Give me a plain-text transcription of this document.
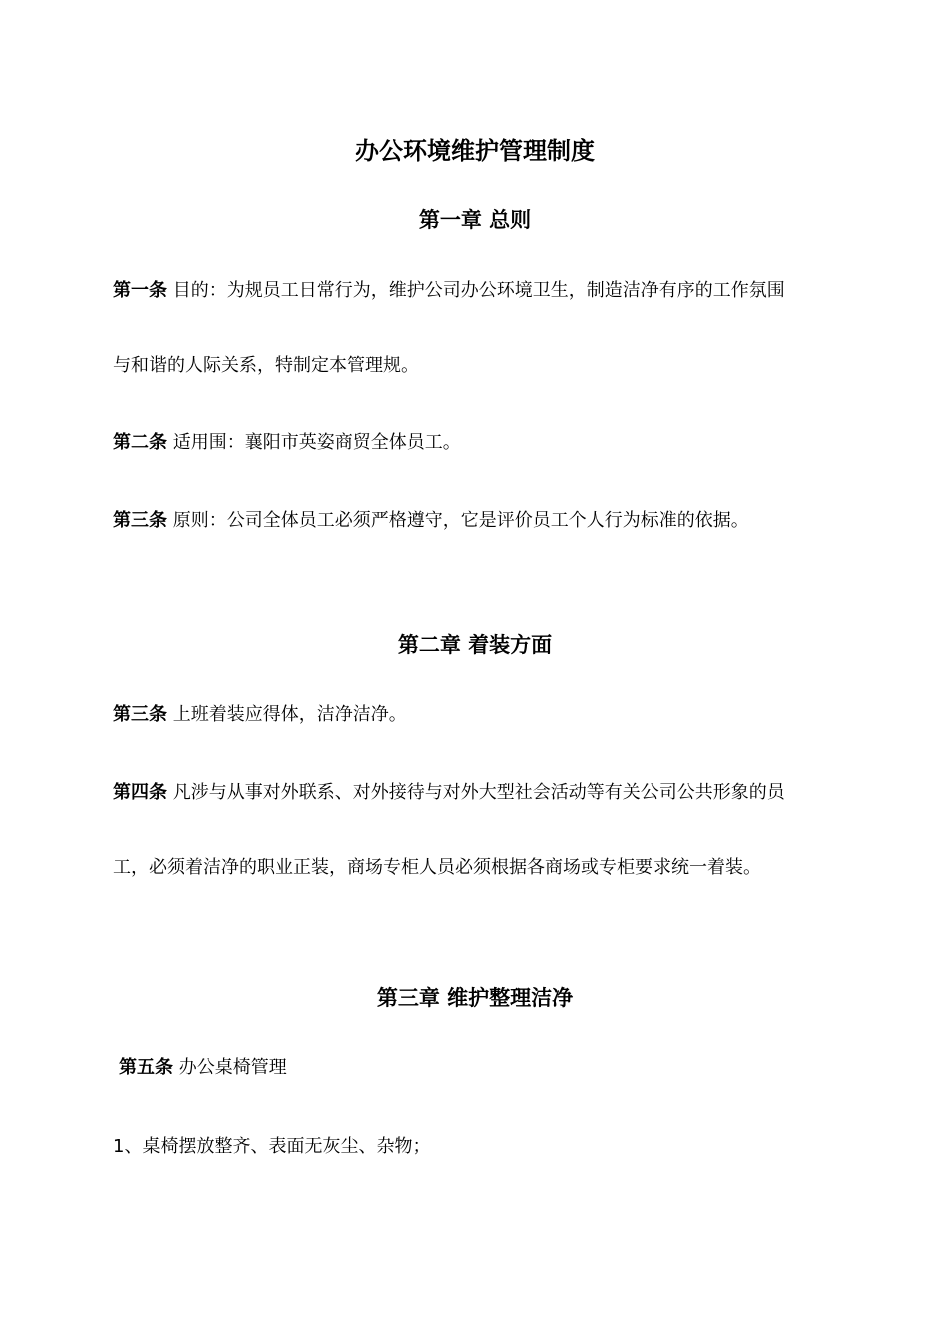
办公环境维护管理制度
第一章 总则
第一条 目的：为规员工日常行为，维护公司办公环境卫生，制造洁净有序的工作氛围
与和谐的人际关系，特制定本管理规。
第二条 适用围：襄阳市英姿商贸全体员工。
第三条 原则：公司全体员工必须严格遵守，它是评价员工个人行为标准的依据。
第二章 着装方面
第三条 上班着装应得体，洁净洁净。
第四条 凡涉与从事对外联系、对外接待与对外大型社会活动等有关公司公共形象的员
工，必须着洁净的职业正装，商场专柜人员必须根据各商场或专柜要求统一着装。
第三章 维护整理洁净
第五条 办公桌椅管理
1、桌椅摆放整齐、表面无灰尘、杂物；
